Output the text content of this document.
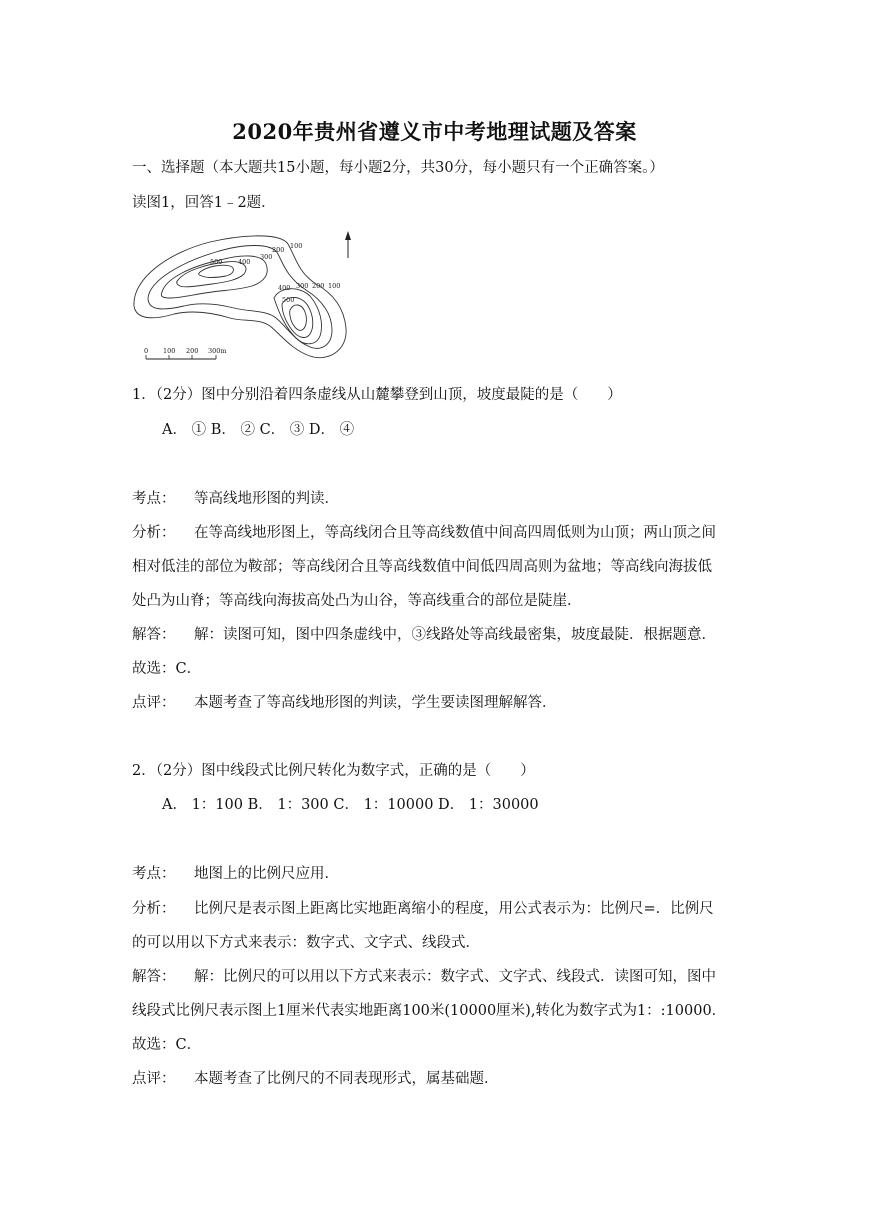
2020年贵州省遵义市中考地理试题及答案
一、选择题（本大题共15小题，每小题2分，共30分，每小题只有一个正确答案。）
读图1，回答1﹣2题．
100
200
300
400
500
400 300 200 100
500
0 100 200 300m
1．（2分）图中分别沿着四条虚线从山麓攀登到山顶，坡度最陡的是（　　）
A． ① B． ② C． ③ D． ④
考点： 等高线地形图的判读．
分析： 在等高线地形图上，等高线闭合且等高线数值中间高四周低则为山顶；两山顶之间
相对低洼的部位为鞍部；等高线闭合且等高线数值中间低四周高则为盆地；等高线向海拔低
处凸为山脊；等高线向海拔高处凸为山谷，等高线重合的部位是陡崖．
解答： 解：读图可知，图中四条虚线中，③线路处等高线最密集，坡度最陡．根据题意．
故选：C．
点评： 本题考查了等高线地形图的判读，学生要读图理解解答．
2．（2分）图中线段式比例尺转化为数字式，正确的是（　　）
A． 1：100 B． 1：300 C． 1：10000 D． 1：30000
考点： 地图上的比例尺应用．
分析： 比例尺是表示图上距离比实地距离缩小的程度，用公式表示为：比例尺=．比例尺
的可以用以下方式来表示：数字式、文字式、线段式．
解答： 解：比例尺的可以用以下方式来表示：数字式、文字式、线段式．读图可知，图中
线段式比例尺表示图上1厘米代表实地距离100米(10000厘米),转化为数字式为1：:10000．
故选：C．
点评： 本题考查了比例尺的不同表现形式，属基础题．
